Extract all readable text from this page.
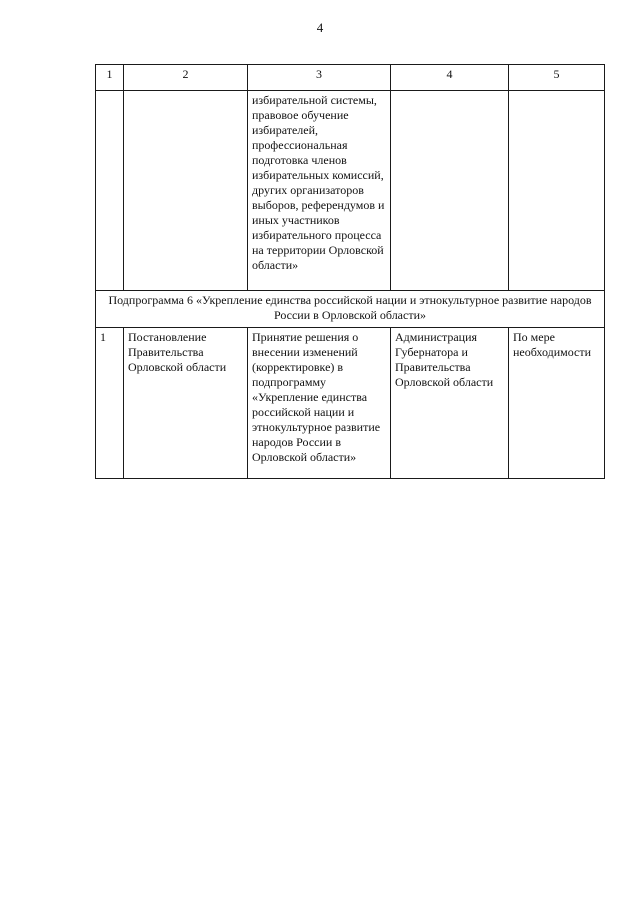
4
1	2	3	4	5
		избирательной системы, правовое обучение избирателей, профессиональная подготовка членов избирательных комиссий, других организаторов выборов, референдумов и иных участников избирательного процесса на территории Орловской области»		
Подпрограмма 6 «Укрепление единства российской нации и этнокультурное развитие народов России в Орловской области»				
1	Постановление Правительства Орловской области	Принятие решения о внесении изменений (корректировке) в подпрограмму «Укрепление единства российской нации и этнокультурное развитие народов России в Орловской области»	Администрация Губернатора и Правительства Орловской области	По мере необходимости
